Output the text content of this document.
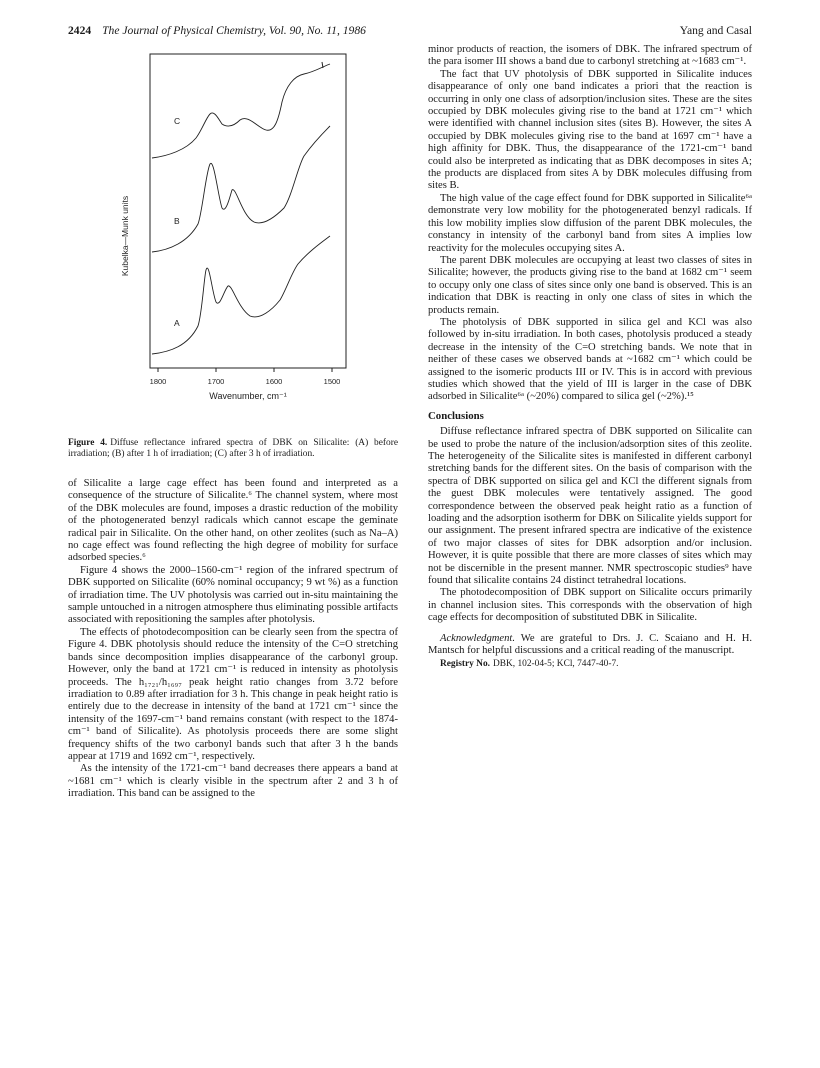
2424 The Journal of Physical Chemistry, Vol. 90, No. 11, 1986	Yang and Casal
Kubelka—Munk units
1800	1700	1600	1500
Wavenumber, cm⁻¹
C
B
A
Figure 4. Diffuse reflectance infrared spectra of DBK on Silicalite: (A) before irradiation; (B) after 1 h of irradiation; (C) after 3 h of irradiation.

of Silicalite a large cage effect has been found and interpreted as a consequence of the structure of Silicalite.⁶ The channel system, where most of the DBK molecules are found, imposes a drastic reduction of the mobility of the photogenerated benzyl radicals which cannot escape the geminate radical pair in Silicalite. On the other hand, on other zeolites (such as Na–A) no cage effect was found reflecting the high degree of mobility for surface adsorbed species.⁶

Figure 4 shows the 2000–1560-cm⁻¹ region of the infrared spectrum of DBK supported on Silicalite (60% nominal occupancy; 9 wt %) as a function of irradiation time. The UV photolysis was carried out in-situ maintaining the sample untouched in a nitrogen atmosphere thus eliminating possible artifacts associated with repositioning the samples after photolysis.

The effects of photodecomposition can be clearly seen from the spectra of Figure 4. DBK photolysis should reduce the intensity of the C=O stretching bands since decomposition implies disappearance of the carbonyl group. However, only the band at 1721 cm⁻¹ is reduced in intensity as photolysis proceeds. The h₁₇₂₁/h₁₆₉₇ peak height ratio changes from 3.72 before irradiation to 0.89 after irradiation for 3 h. This change in peak height ratio is entirely due to the decrease in intensity of the band at 1721 cm⁻¹ since the intensity of the 1697-cm⁻¹ band remains constant (with respect to the 1874-cm⁻¹ band of Silicalite). As photolysis proceeds there are some slight frequency shifts of the two carbonyl bands such that after 3 h the bands appear at 1719 and 1692 cm⁻¹, respectively.

As the intensity of the 1721-cm⁻¹ band decreases there appears a band at ~1681 cm⁻¹ which is clearly visible in the spectrum after 2 and 3 h of irradiation. This band can be assigned to the

minor products of reaction, the isomers of DBK. The infrared spectrum of the para isomer III shows a band due to carbonyl stretching at ~1683 cm⁻¹.

The fact that UV photolysis of DBK supported in Silicalite induces disappearance of only one band indicates a priori that the reaction is occurring in only one class of adsorption/inclusion sites. These are the sites occupied by DBK molecules giving rise to the band at 1721 cm⁻¹ which were identified with channel inclusion sites (sites B). However, the sites A occupied by DBK molecules giving rise to the band at 1697 cm⁻¹ have a high affinity for DBK. Thus, the disappearance of the 1721-cm⁻¹ band could also be interpreted as indicating that as DBK decomposes in sites A; the products are displaced from sites A by DBK molecules diffusing from sites B.

The high value of the cage effect found for DBK supported in Silicalite⁶ᵃ demonstrate very low mobility for the photogenerated benzyl radicals. If this low mobility implies slow diffusion of the parent DBK molecules, the constancy in intensity of the carbonyl band from sites A implies low reactivity for the molecules occupying sites A.

The parent DBK molecules are occupying at least two classes of sites in Silicalite; however, the products giving rise to the band at 1682 cm⁻¹ seem to occupy only one class of sites since only one band is observed. This is an indication that DBK is reacting in only one class of sites in which the products remain.

The photolysis of DBK supported in silica gel and KCl was also followed by in-situ irradiation. In both cases, photolysis produced a steady decrease in the intensity of the C=O stretching bands. We note that in neither of these cases we observed bands at ~1682 cm⁻¹ which could be assigned to the isomeric products III or IV. This is in accord with previous studies which showed that the yield of III is larger in the case of DBK adsorbed in Silicalite⁶ᵃ (~20%) compared to silica gel (~2%).¹⁵

Conclusions

Diffuse reflectance infrared spectra of DBK supported on Silicalite can be used to probe the nature of the inclusion/adsorption sites of this zeolite. The heterogeneity of the Silicalite sites is manifested in different carbonyl stretching bands for the different sites. On the basis of comparison with the spectra of DBK supported on silica gel and KCl the different signals from the guest DBK molecules were tentatively assigned. The good correspondence between the observed peak height ratio as a function of loading and the adsorption isotherm for DBK on Silicalite yields support for our assignment. The present infrared spectra are indicative of the existence of two major classes of sites for DBK adsorption and/or inclusion. However, it is quite possible that there are more classes of sites which may not be discernible in the present manner. NMR spectroscopic studies⁹ have found that silicalite contains 24 distinct tetrahedral locations.

The photodecomposition of DBK support on Silicalite occurs primarily in channel inclusion sites. This corresponds with the observation of high cage effects for decomposition of substituted DBK in Silicalite.

Acknowledgment. We are grateful to Drs. J. C. Scaiano and H. H. Mantsch for helpful discussions and a critical reading of the manuscript.

Registry No. DBK, 102-04-5; KCl, 7447-40-7.
